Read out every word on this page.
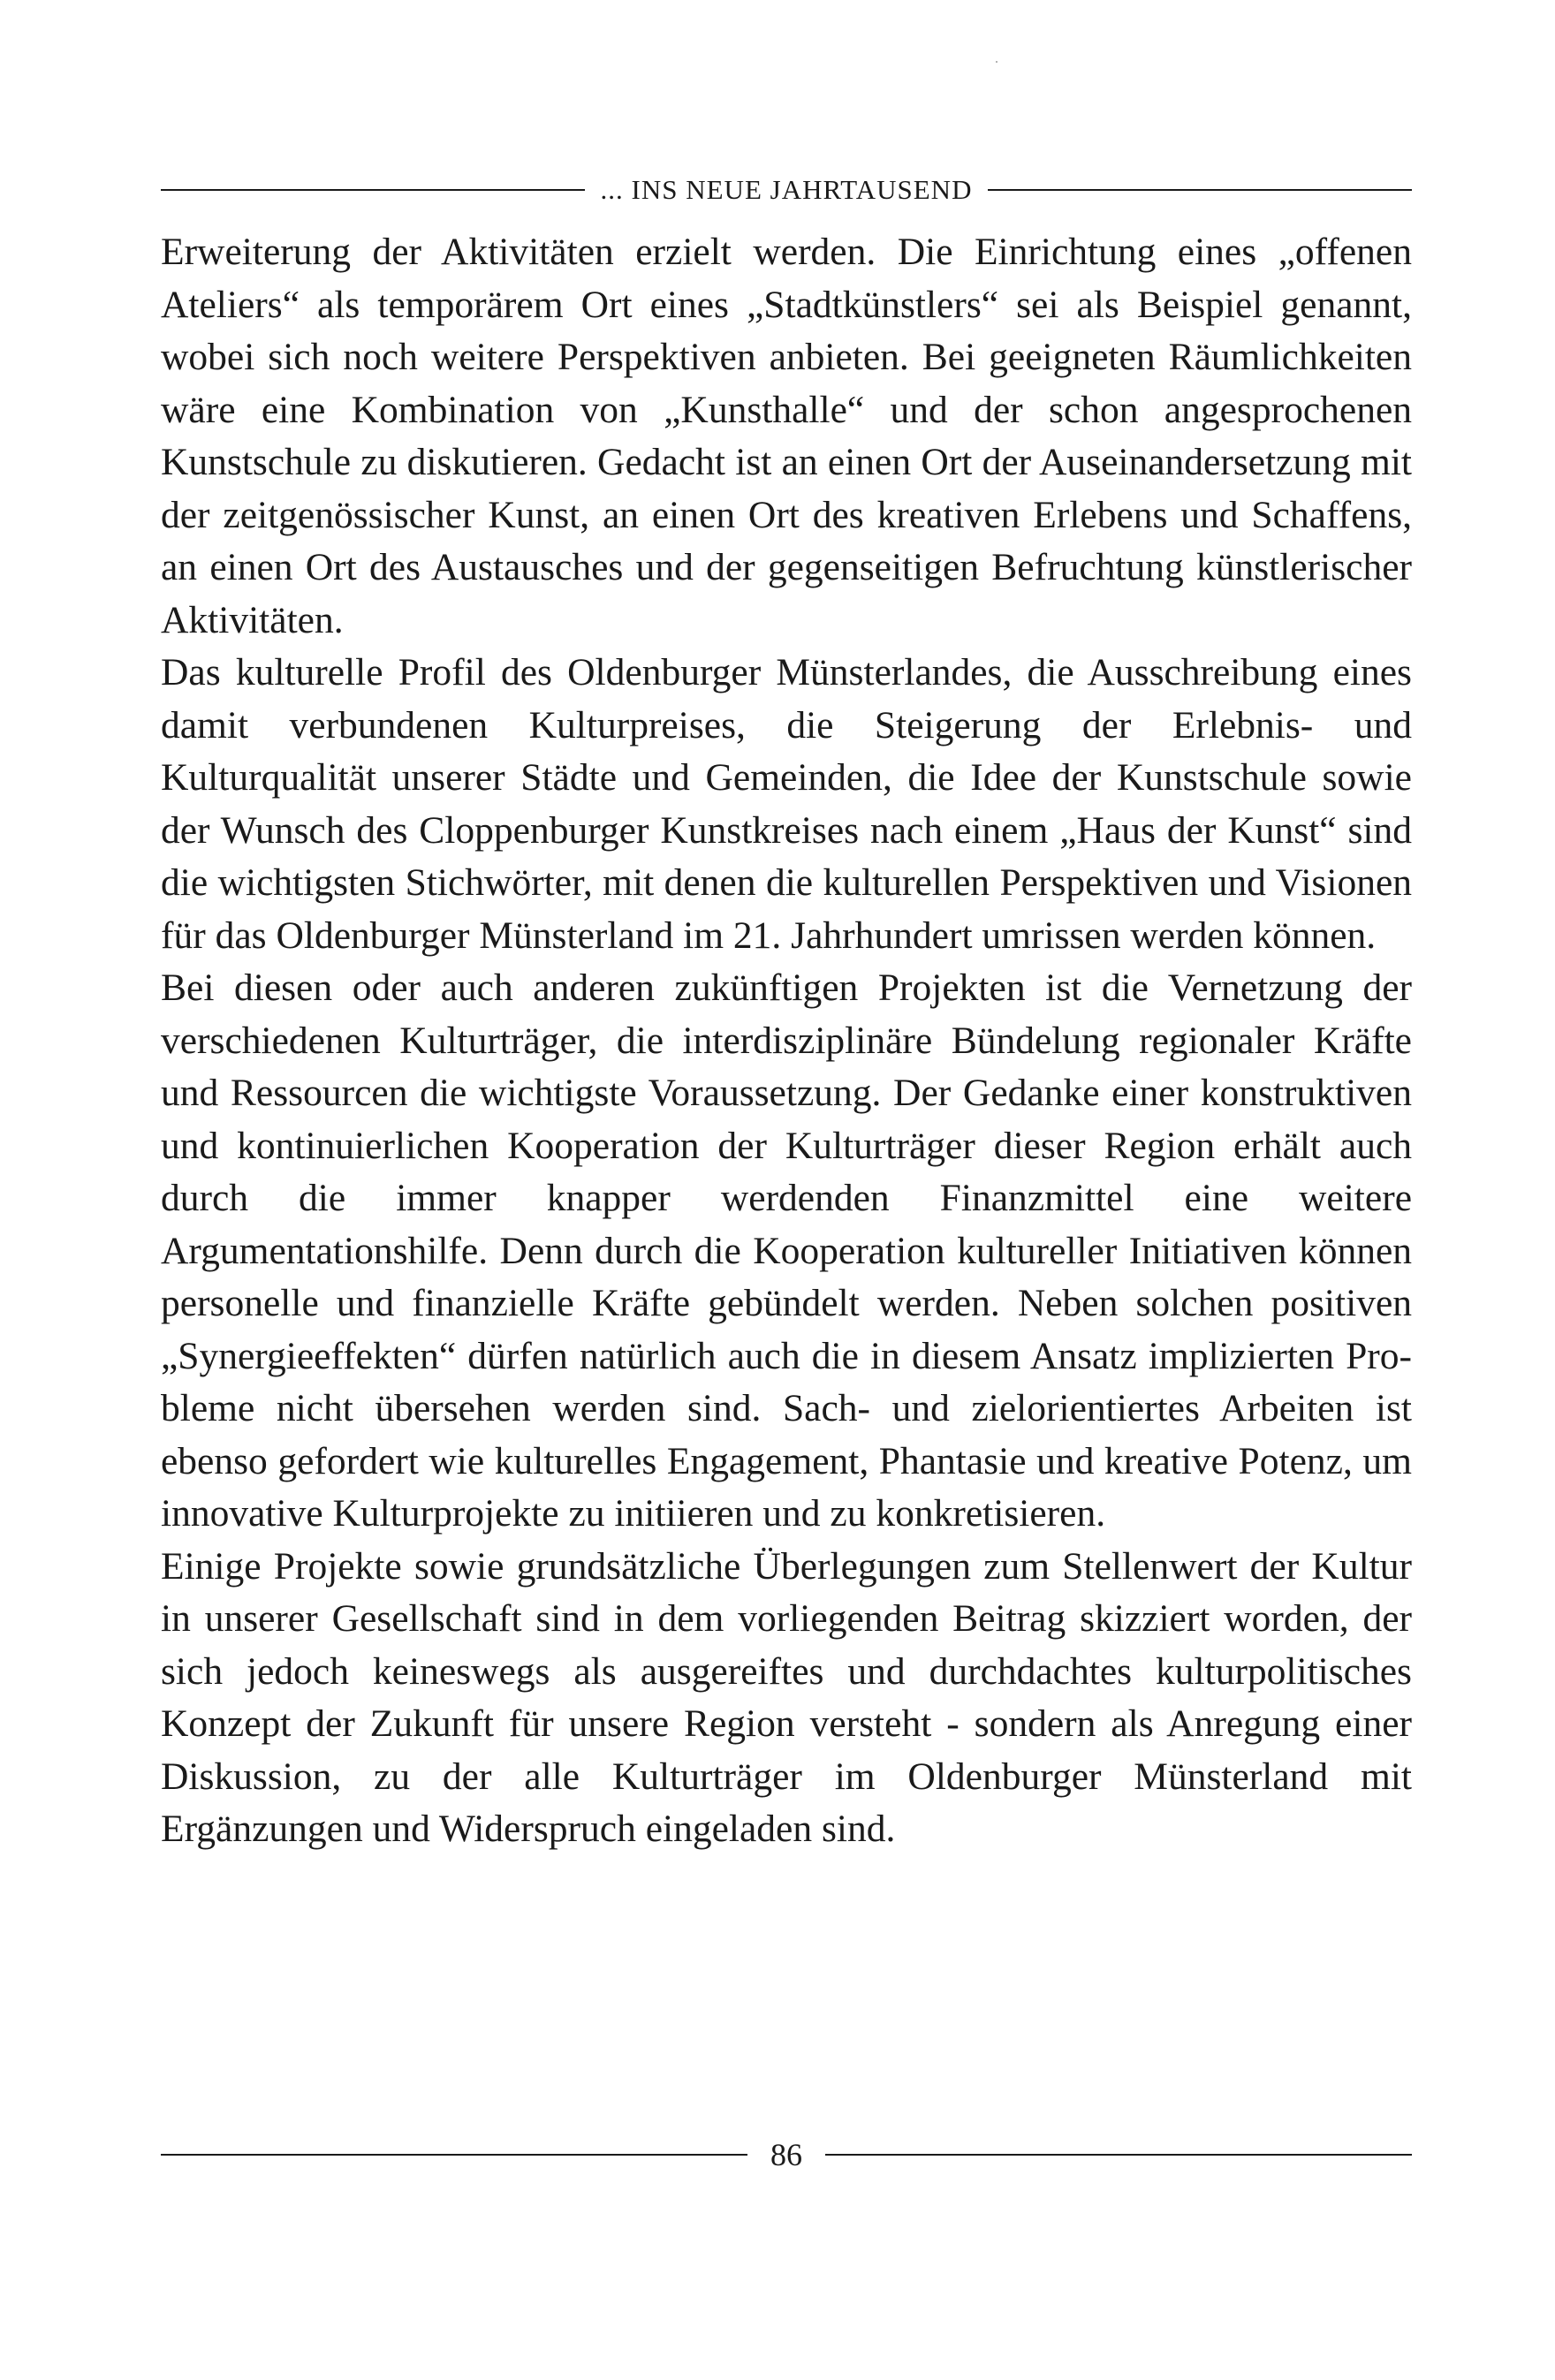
... INS NEUE JAHRTAUSEND

Erweiterung der Aktivitäten erzielt werden. Die Einrichtung eines „offenen Ateliers“ als temporärem Ort eines „Stadtkünstlers“ sei als Beispiel genannt, wobei sich noch weitere Perspektiven anbieten. Bei geeigneten Räumlichkeiten wäre eine Kombination von „Kunsthalle“ und der schon angesprochenen Kunstschule zu diskutieren. Gedacht ist an einen Ort der Auseinandersetzung mit der zeitgenössischer Kunst, an einen Ort des kreativen Erlebens und Schaffens, an einen Ort des Austausches und der gegenseitigen Befruchtung künstlerischer Aktivitäten.

Das kulturelle Profil des Oldenburger Münsterlandes, die Ausschreibung eines damit verbundenen Kulturpreises, die Steigerung der Erlebnis- und Kulturqualität unserer Städte und Gemeinden, die Idee der Kunstschule sowie der Wunsch des Cloppenburger Kunstkreises nach einem „Haus der Kunst“ sind die wichtigsten Stichwörter, mit denen die kulturellen Perspektiven und Visionen für das Oldenburger Münsterland im 21. Jahrhundert umrissen werden können.

Bei diesen oder auch anderen zukünftigen Projekten ist die Vernetzung der verschiedenen Kulturträger, die interdisziplinäre Bündelung regionaler Kräfte und Ressourcen die wichtigste Voraussetzung. Der Gedanke einer konstruktiven und kontinuierlichen Kooperation der Kulturträger dieser Region erhält auch durch die immer knapper werdenden Finanzmittel eine weitere Argumentationshilfe. Denn durch die Kooperation kultureller Initiativen können personelle und finanzielle Kräfte gebündelt werden. Neben solchen positiven „Synergieeffekten“ dürfen natürlich auch die in diesem Ansatz implizierten Probleme nicht übersehen werden sind. Sach- und zielorientiertes Arbeiten ist ebenso gefordert wie kulturelles Engagement, Phantasie und kreative Potenz, um innovative Kulturprojekte zu initiieren und zu konkretisieren.

Einige Projekte sowie grundsätzliche Überlegungen zum Stellenwert der Kultur in unserer Gesellschaft sind in dem vorliegenden Beitrag skizziert worden, der sich jedoch keineswegs als ausgereiftes und durchdachtes kulturpolitisches Konzept der Zukunft für unsere Region versteht - sondern als Anregung einer Diskussion, zu der alle Kulturträger im Oldenburger Münsterland mit Ergänzungen und Widerspruch eingeladen sind.

86
